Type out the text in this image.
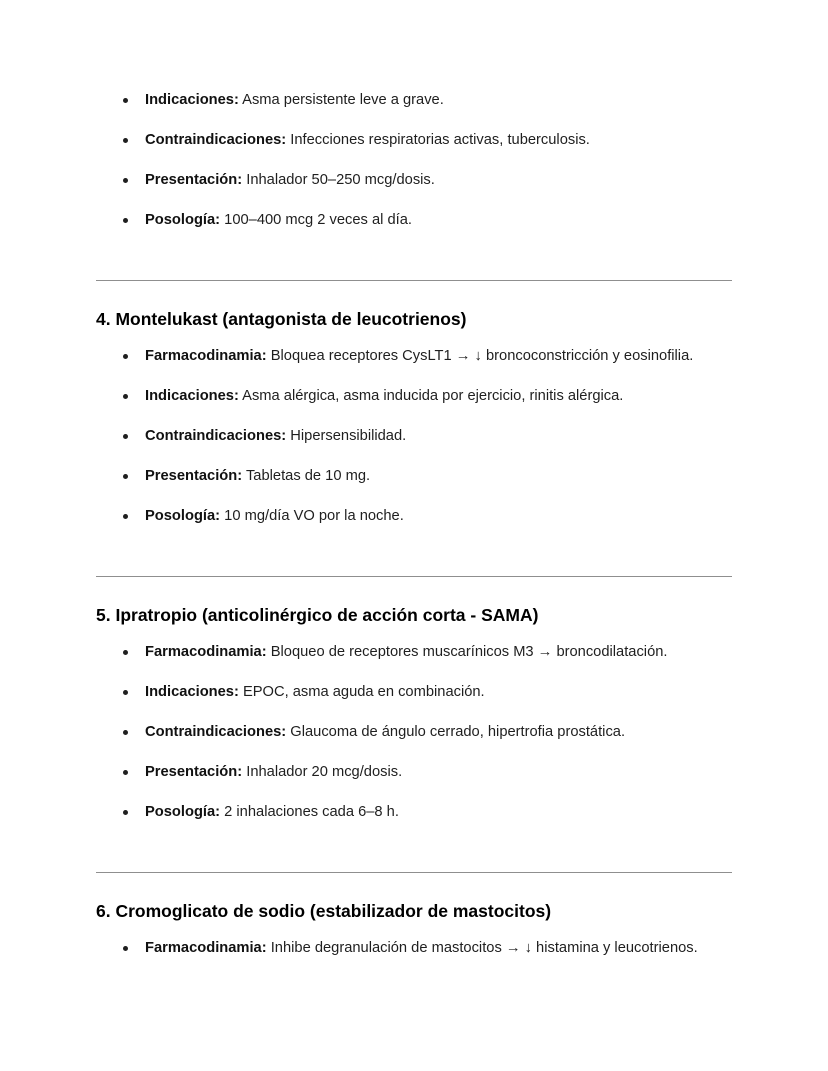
Indicaciones: Asma persistente leve a grave.
Contraindicaciones: Infecciones respiratorias activas, tuberculosis.
Presentación: Inhalador 50–250 mcg/dosis.
Posología: 100–400 mcg 2 veces al día.
4. Montelukast (antagonista de leucotrienos)
Farmacodinamia: Bloquea receptores CysLT1 → ↓ broncoconstricción y eosinofilia.
Indicaciones: Asma alérgica, asma inducida por ejercicio, rinitis alérgica.
Contraindicaciones: Hipersensibilidad.
Presentación: Tabletas de 10 mg.
Posología: 10 mg/día VO por la noche.
5. Ipratropio (anticolinérgico de acción corta - SAMA)
Farmacodinamia: Bloqueo de receptores muscarínicos M3 → broncodilatación.
Indicaciones: EPOC, asma aguda en combinación.
Contraindicaciones: Glaucoma de ángulo cerrado, hipertrofia prostática.
Presentación: Inhalador 20 mcg/dosis.
Posología: 2 inhalaciones cada 6–8 h.
6. Cromoglicato de sodio (estabilizador de mastocitos)
Farmacodinamia: Inhibe degranulación de mastocitos → ↓ histamina y leucotrienos.
